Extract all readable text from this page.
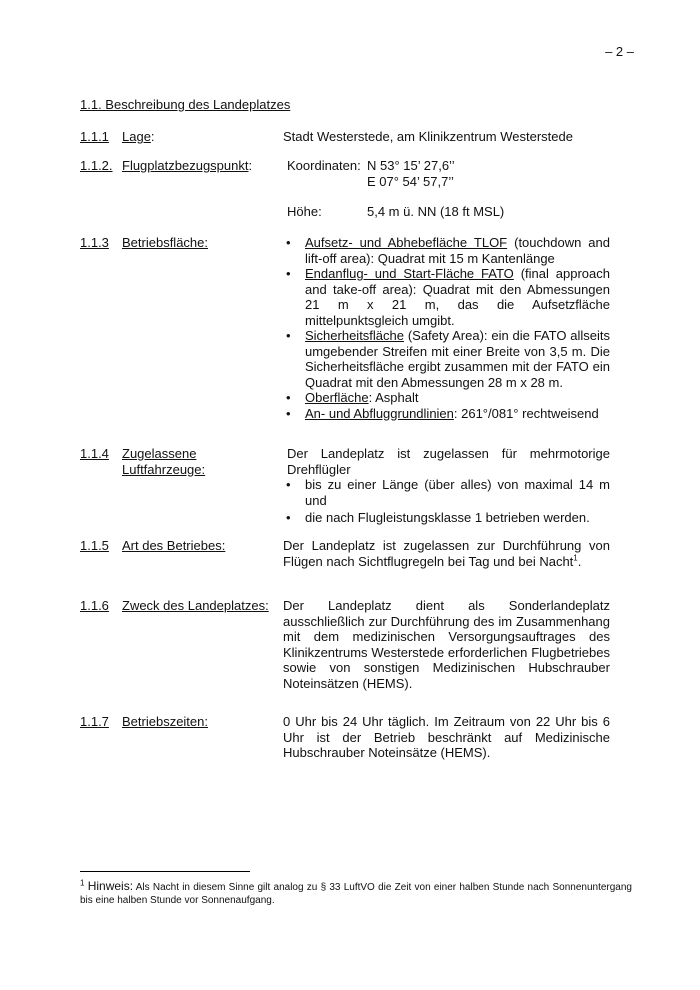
– 2 –
1.1. Beschreibung des Landeplatzes
1.1.1 Lage:	Stadt Westerstede, am Klinikzentrum Westerstede
1.1.2. Flugplatzbezugspunkt:	Koordinaten: N 53° 15’ 27,6’’
E 07° 54’ 57,7’’
Höhe:	5,4 m ü. NN (18 ft MSL)
1.1.3 Betriebsfläche:
•	Aufsetz- und Abhebefläche TLOF (touchdown and lift-off area): Quadrat mit 15 m Kantenlänge
• Endanflug- und Start-Fläche FATO (final approach and take-off area): Quadrat mit den Abmessungen 21 m x 21 m, das die Aufsetzfläche mittelpunktsgleich umgibt.
• Sicherheitsfläche (Safety Area): ein die FATO allseits umgebender Streifen mit einer Breite von 3,5 m. Die Sicherheitsfläche ergibt zusammen mit der FATO ein Quadrat mit den Abmessungen 28 m x 28 m.
• Oberfläche: Asphalt
• An- und Abfluggrundlinien: 261°/081° rechtweisend
1.1.4 Zugelassene
Luftfahrzeuge:
Der Landeplatz ist zugelassen für mehrmotorige Drehflügler
• bis zu einer Länge (über alles) von maximal 14 m und
• die nach Flugleistungsklasse 1 betrieben werden.
1.1.5 Art des Betriebes:	Der Landeplatz ist zugelassen zur Durchführung von Flügen nach Sichtflugregeln bei Tag und bei Nacht$^1$.
1.1.6 Zweck des Landeplatzes: Der Landeplatz dient als Sonderlandeplatz ausschließlich zur Durchführung des im Zusammenhang mit dem medizinischen Versorgungsauftrages des Klinikzentrums Westerstede erforderlichen Flugbetriebes sowie von sonstigen Medizinischen Hubschrauber Noteinsätzen (HEMS).
1.1.7 Betriebszeiten:	0 Uhr bis 24 Uhr täglich. Im Zeitraum von 22 Uhr bis 6 Uhr ist der Betrieb beschränkt auf Medizinische Hubschrauber Noteinsätze (HEMS).
$^1$ Hinweis: Als Nacht in diesem Sinne gilt analog zu § 33 LuftVO die Zeit von einer halben Stunde nach Sonnenuntergang bis eine halben Stunde vor Sonnenaufgang.
